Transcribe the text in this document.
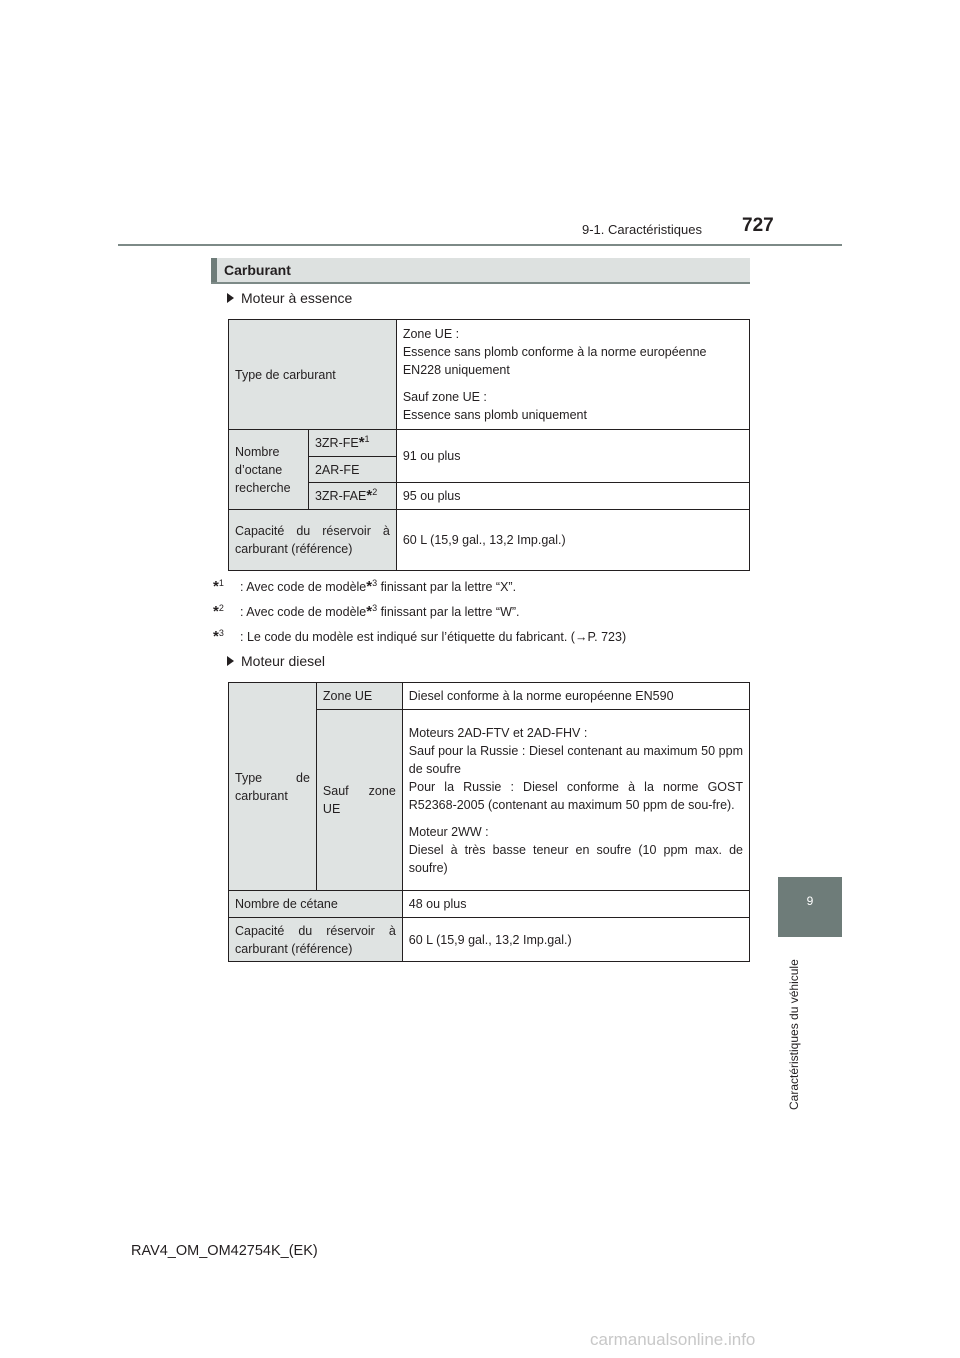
9-1. Caractéristiques 727
9
Caractéristiques du véhicule
Carburant
Moteur à essence
Type de carburant		Zone UE :
Essence sans plomb conforme à la norme européenne EN228 uniquement

Sauf zone UE :
Essence sans plomb uniquement

Nombre d’octane recherche	3ZR-FE*$^1$	91 ou plus
	2AR-FE	
	3ZR-FAE*$^2$	95 ou plus
Capacité du réservoir à carburant (référence)		60 L (15,9 gal., 13,2 Imp.gal.)
*$^1$ : Avec code de modèle*$^3$ finissant par la lettre “X”.
*$^2$ : Avec code de modèle*$^3$ finissant par la lettre “W”.
*$^3$ : Le code du modèle est indiqué sur l’étiquette du fabricant. (→P. 723)
Moteur diesel
Type de carburant	Zone UE	Diesel conforme à la norme européenne EN590
	Sauf zone UE	Moteurs 2AD-FTV et 2AD-FHV :
Sauf pour la Russie : Diesel contenant au maximum 50 ppm de soufre
Pour la Russie : Diesel conforme à la norme GOST R52368-2005 (contenant au maximum 50 ppm de sou-fre).

Moteur 2WW :
Diesel à très basse teneur en soufre (10 ppm max. de soufre)

Nombre de cétane		48 ou plus
Capacité du réservoir à carburant (référence)		60 L (15,9 gal., 13,2 Imp.gal.)
RAV4_OM_OM42754K_(EK)
carmanualsonline.info
